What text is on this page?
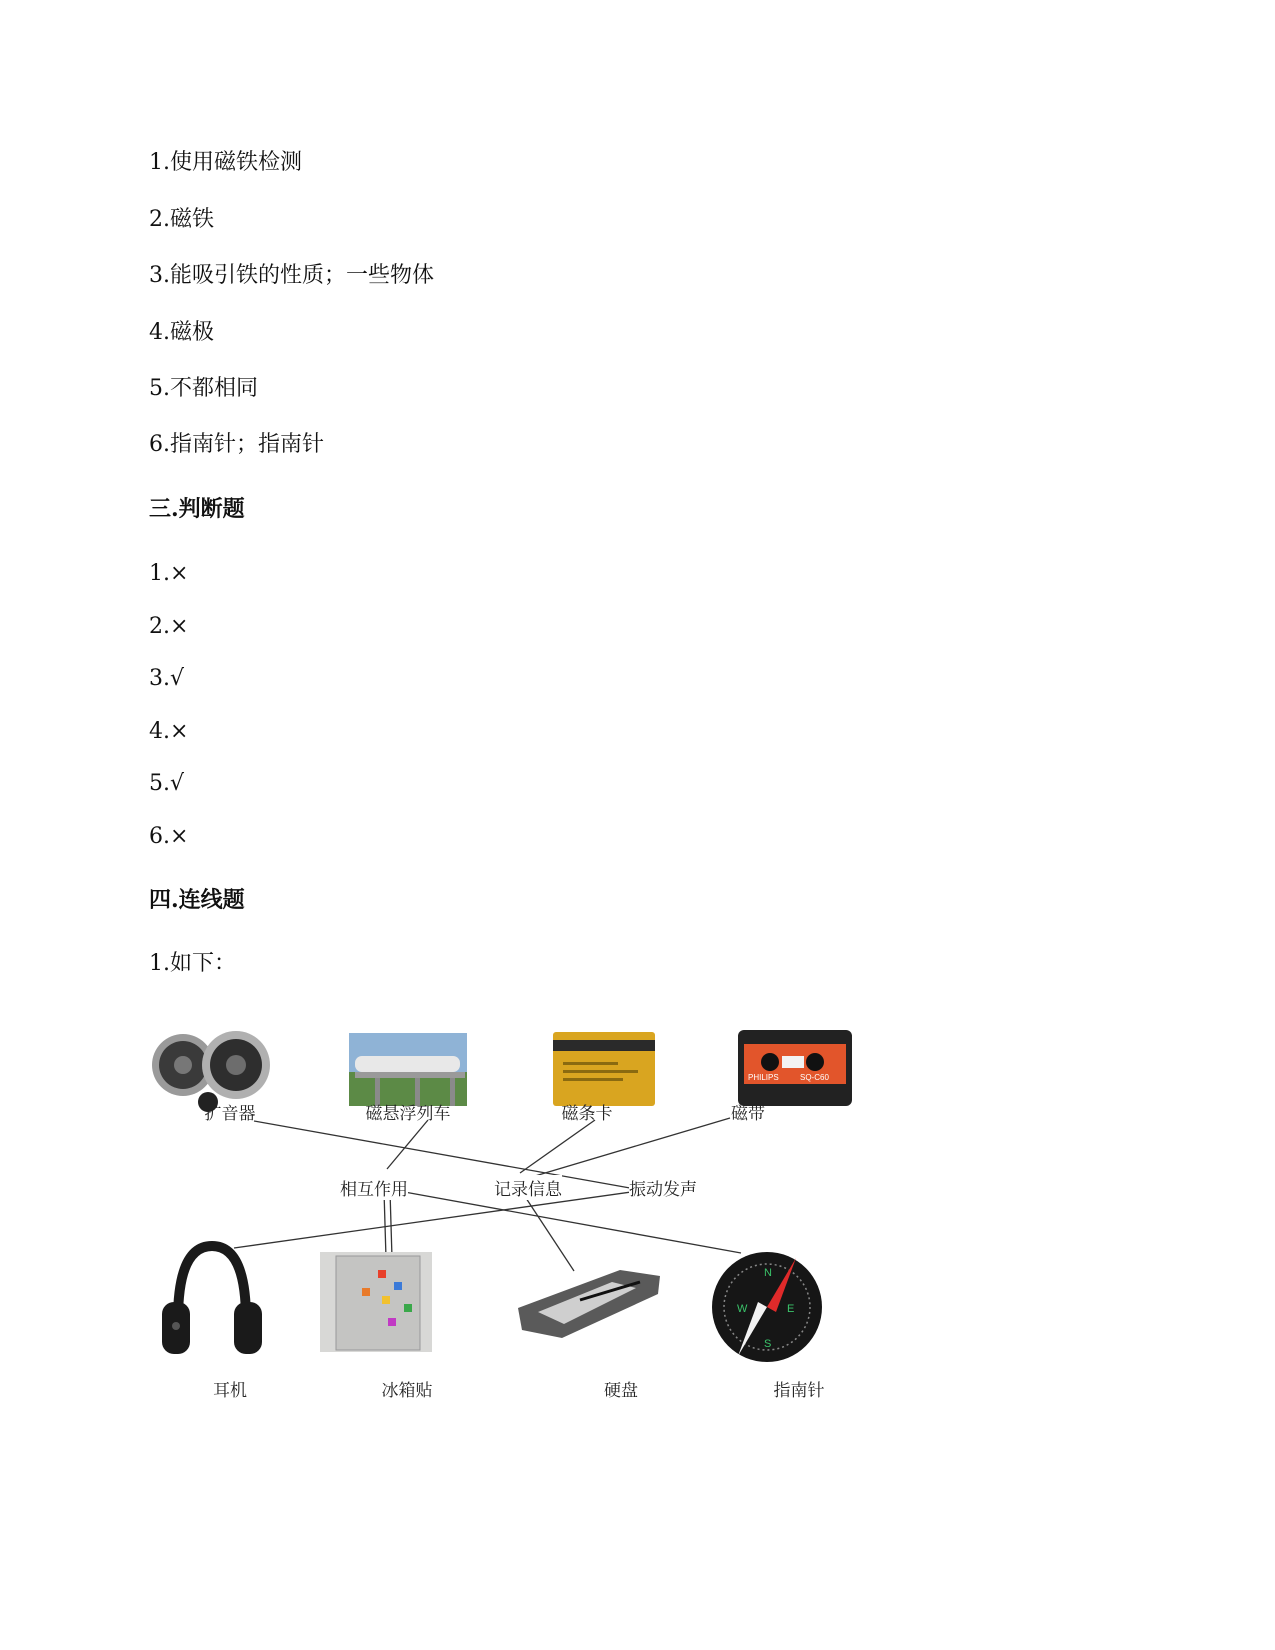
1.使用磁铁检测
2.磁铁
3.能吸引铁的性质；一些物体
4.磁极
5.不都相同
6.指南针；指南针
三.判断题
1.×
2.×
3.√
4.×
5.√
6.×
四.连线题
1.如下：
PHILIPS	SQ-C60
N
E
S
W
扩音器	磁悬浮列车	磁条卡	磁带
相互作用	记录信息	振动发声
耳机	冰箱贴	硬盘	指南针
